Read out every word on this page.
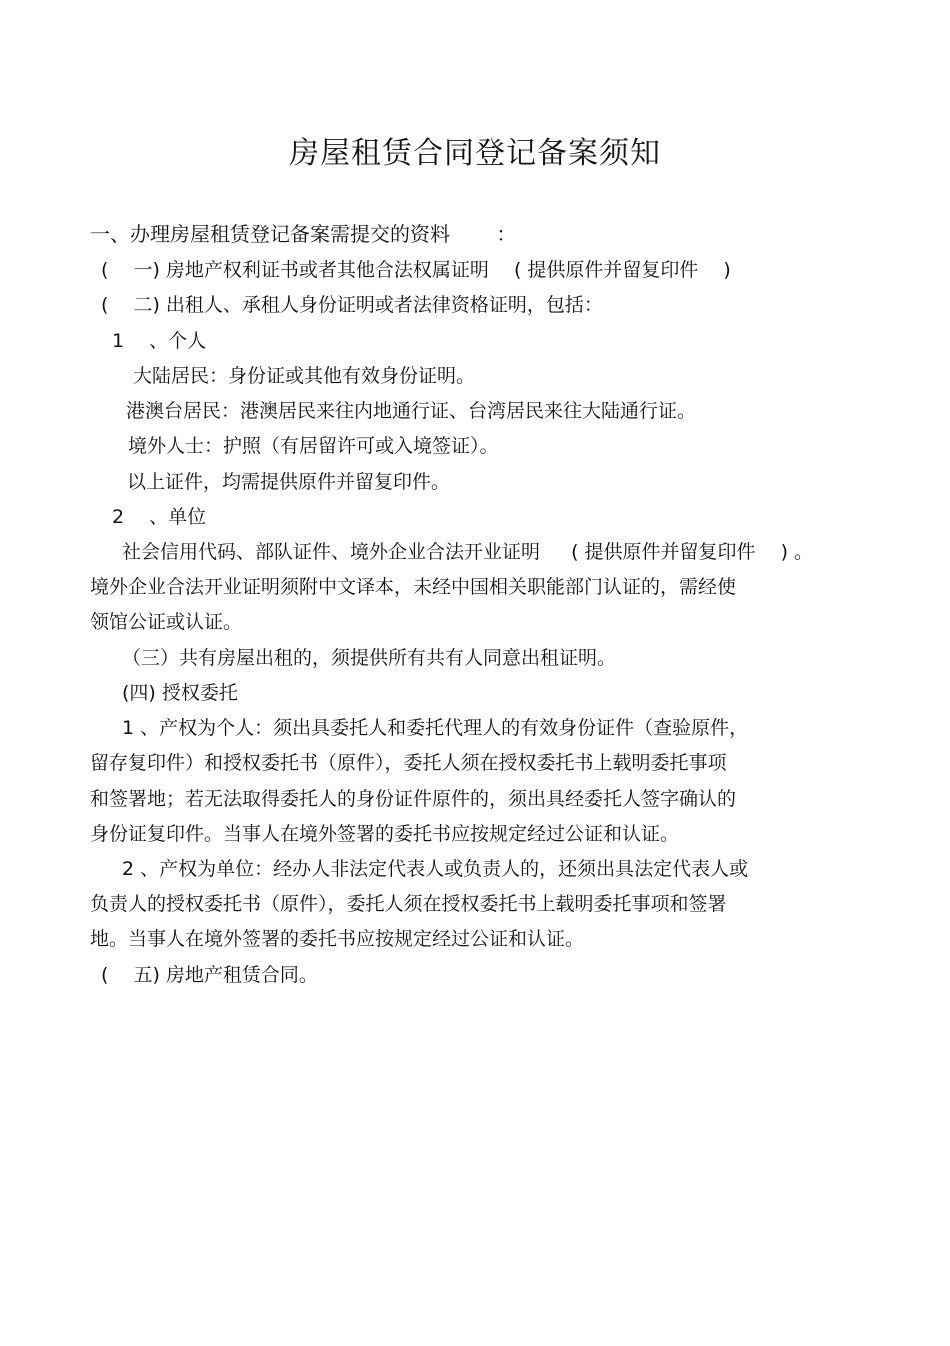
房屋租赁合同登记备案须知
一、办理房屋租赁登记备案需提交的资料 　　：
( 　一) 房地产权利证书或者其他合法权属证明 　( 提供原件并留复印件 　)
( 　二) 出租人、承租人身份证明或者法律资格证明，包括：
1 　、个人
大陆居民：身份证或其他有效身份证明。
港澳台居民：港澳居民来往内地通行证、台湾居民来往大陆通行证。
境外人士：护照（有居留许可或入境签证）。
以上证件，均需提供原件并留复印件。
2 　、单位
社会信用代码、部队证件、境外企业合法开业证明 　 ( 提供原件并留复印件 　) 。
境外企业合法开业证明须附中文译本，未经中国相关职能部门认证的，需经使
领馆公证或认证。
（三）共有房屋出租的，须提供所有共有人同意出租证明。
(四) 授权委托
1 、产权为个人：须出具委托人和委托代理人的有效身份证件（查验原件，
留存复印件）和授权委托书（原件），委托人须在授权委托书上载明委托事项
和签署地；若无法取得委托人的身份证件原件的，须出具经委托人签字确认的
身份证复印件。当事人在境外签署的委托书应按规定经过公证和认证。
2 、产权为单位：经办人非法定代表人或负责人的，还须出具法定代表人或
负责人的授权委托书（原件），委托人须在授权委托书上载明委托事项和签署
地。当事人在境外签署的委托书应按规定经过公证和认证。
( 　五) 房地产租赁合同。
